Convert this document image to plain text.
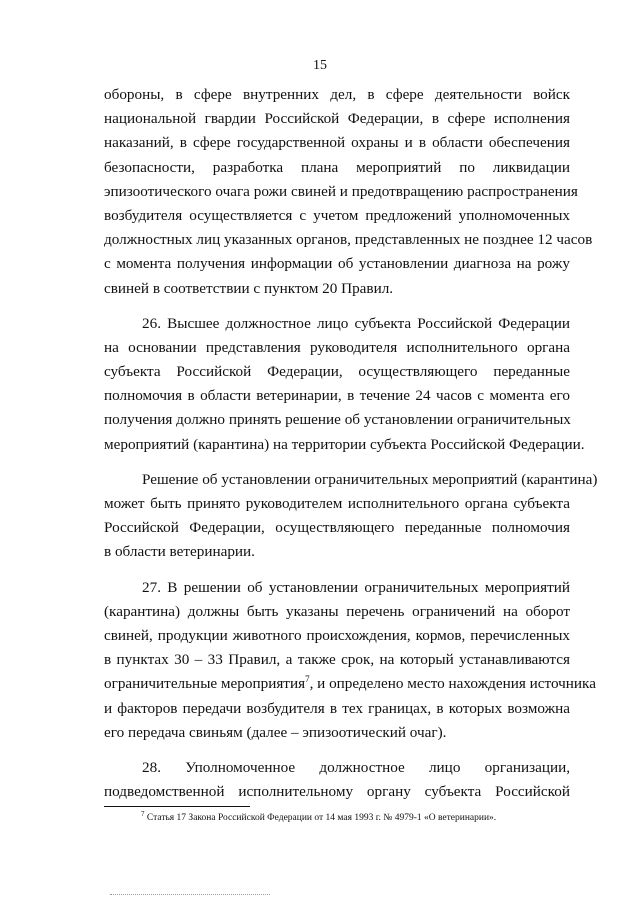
15
обороны, в сфере внутренних дел, в сфере деятельности войск
национальной гвардии Российской Федерации, в сфере исполнения
наказаний, в сфере государственной охраны и в области обеспечения
безопасности, разработка плана мероприятий по ликвидации
эпизоотического очага рожи свиней и предотвращению распространения
возбудителя осуществляется с учетом предложений уполномоченных
должностных лиц указанных органов, представленных не позднее 12 часов
с момента получения информации об установлении диагноза на рожу
свиней в соответствии с пунктом 20 Правил.
26. Высшее должностное лицо субъекта Российской Федерации
на основании представления руководителя исполнительного органа
субъекта Российской Федерации, осуществляющего переданные
полномочия в области ветеринарии, в течение 24 часов с момента его
получения должно принять решение об установлении ограничительных
мероприятий (карантина) на территории субъекта Российской Федерации.
Решение об установлении ограничительных мероприятий (карантина)
может быть принято руководителем исполнительного органа субъекта
Российской Федерации, осуществляющего переданные полномочия
в области ветеринарии.
27. В решении об установлении ограничительных мероприятий
(карантина) должны быть указаны перечень ограничений на оборот
свиней, продукции животного происхождения, кормов, перечисленных
в пунктах 30 – 33 Правил, а также срок, на который устанавливаются
ограничительные мероприятия$^7$, и определено место нахождения источника
и факторов передачи возбудителя в тех границах, в которых возможна
его передача свиньям (далее – эпизоотический очаг).
28. Уполномоченное должностное лицо организации,
подведомственной исполнительному органу субъекта Российской
$^7$ Статья 17 Закона Российской Федерации от 14 мая 1993 г. № 4979-1 «О ветеринарии».
